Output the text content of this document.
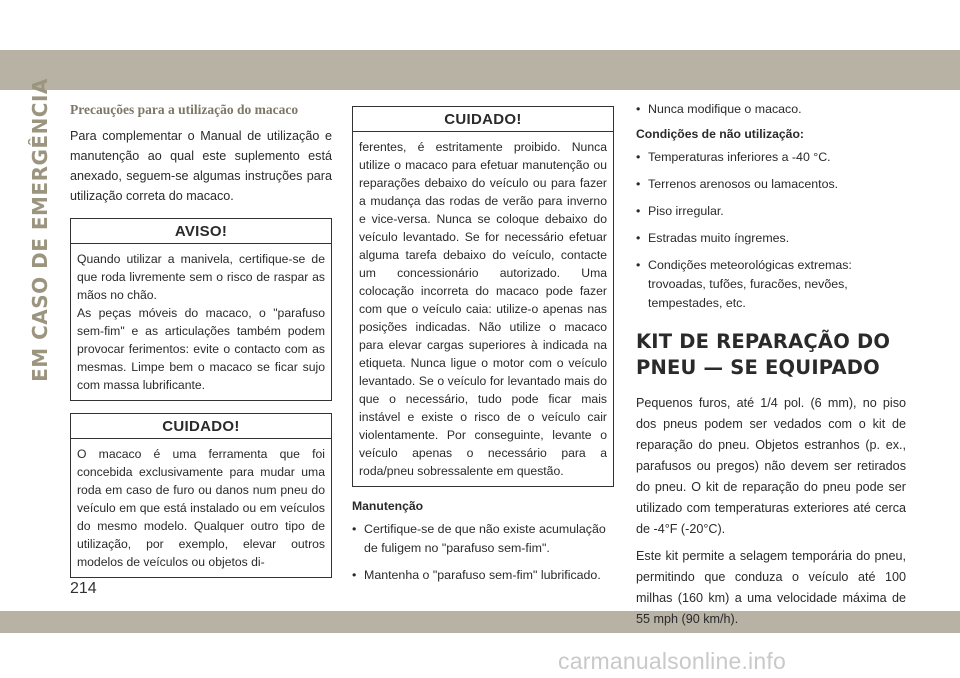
EM CASO DE EMERGÊNCIA Precauções para a utilização do macaco

Para complementar o Manual de utilização e manutenção ao qual este suplemento está anexado, seguem-se algumas instruções para utilização correta do macaco.

AVISO!

Quando utilizar a manivela, certifique-se de que roda livremente sem o risco de raspar as mãos no chão.

As peças móveis do macaco, o "parafuso sem-fim" e as articulações também podem provocar ferimentos: evite o contacto com as mesmas. Limpe bem o macaco se ficar sujo com massa lubrificante.

CUIDADO!

O macaco é uma ferramenta que foi concebida exclusivamente para mudar uma roda em caso de furo ou danos num pneu do veículo em que está instalado ou em veículos do mesmo modelo. Qualquer outro tipo de utilização, por exemplo, elevar outros modelos de veículos ou objetos di-

CUIDADO!

ferentes, é estritamente proibido. Nunca utilize o macaco para efetuar manutenção ou reparações debaixo do veículo ou para fazer a mudança das rodas de verão para inverno e vice-versa. Nunca se coloque debaixo do veículo levantado. Se for necessário efetuar alguma tarefa debaixo do veículo, contacte um concessionário autorizado. Uma colocação incorreta do macaco pode fazer com que o veículo caia: utilize-o apenas nas posições indicadas. Não utilize o macaco para elevar cargas superiores à indicada na etiqueta. Nunca ligue o motor com o veículo levantado. Se o veículo for levantado mais do que o necessário, tudo pode ficar mais instável e existe o risco de o veículo cair violentamente. Por conseguinte, levante o veículo apenas o necessário para a roda/pneu sobressalente em questão.

Manutenção
• Certifique-se de que não existe acumulação de fuligem no "parafuso sem-fim".
• Mantenha o "parafuso sem-fim" lubrificado.
• Nunca modifique o macaco.
Condições de não utilização:
• Temperaturas inferiores a -40 °C.
• Terrenos arenosos ou lamacentos.
• Piso irregular.
• Estradas muito íngremes.
• Condições meteorológicas extremas: trovoadas, tufões, furacões, nevões, tempestades, etc.
KIT DE REPARAÇÃO DO PNEU — SE EQUIPADO

Pequenos furos, até 1/4 pol. (6 mm), no piso dos pneus podem ser vedados com o kit de reparação do pneu. Objetos estranhos (p. ex., parafusos ou pregos) não devem ser retirados do pneu. O kit de reparação do pneu pode ser utilizado com temperaturas exteriores até cerca de -4°F (-20°C).

Este kit permite a selagem temporária do pneu, permitindo que conduza o veículo até 100 milhas (160 km) a uma velocidade máxima de 55 mph (90 km/h).

214
carmanualsonline.info
